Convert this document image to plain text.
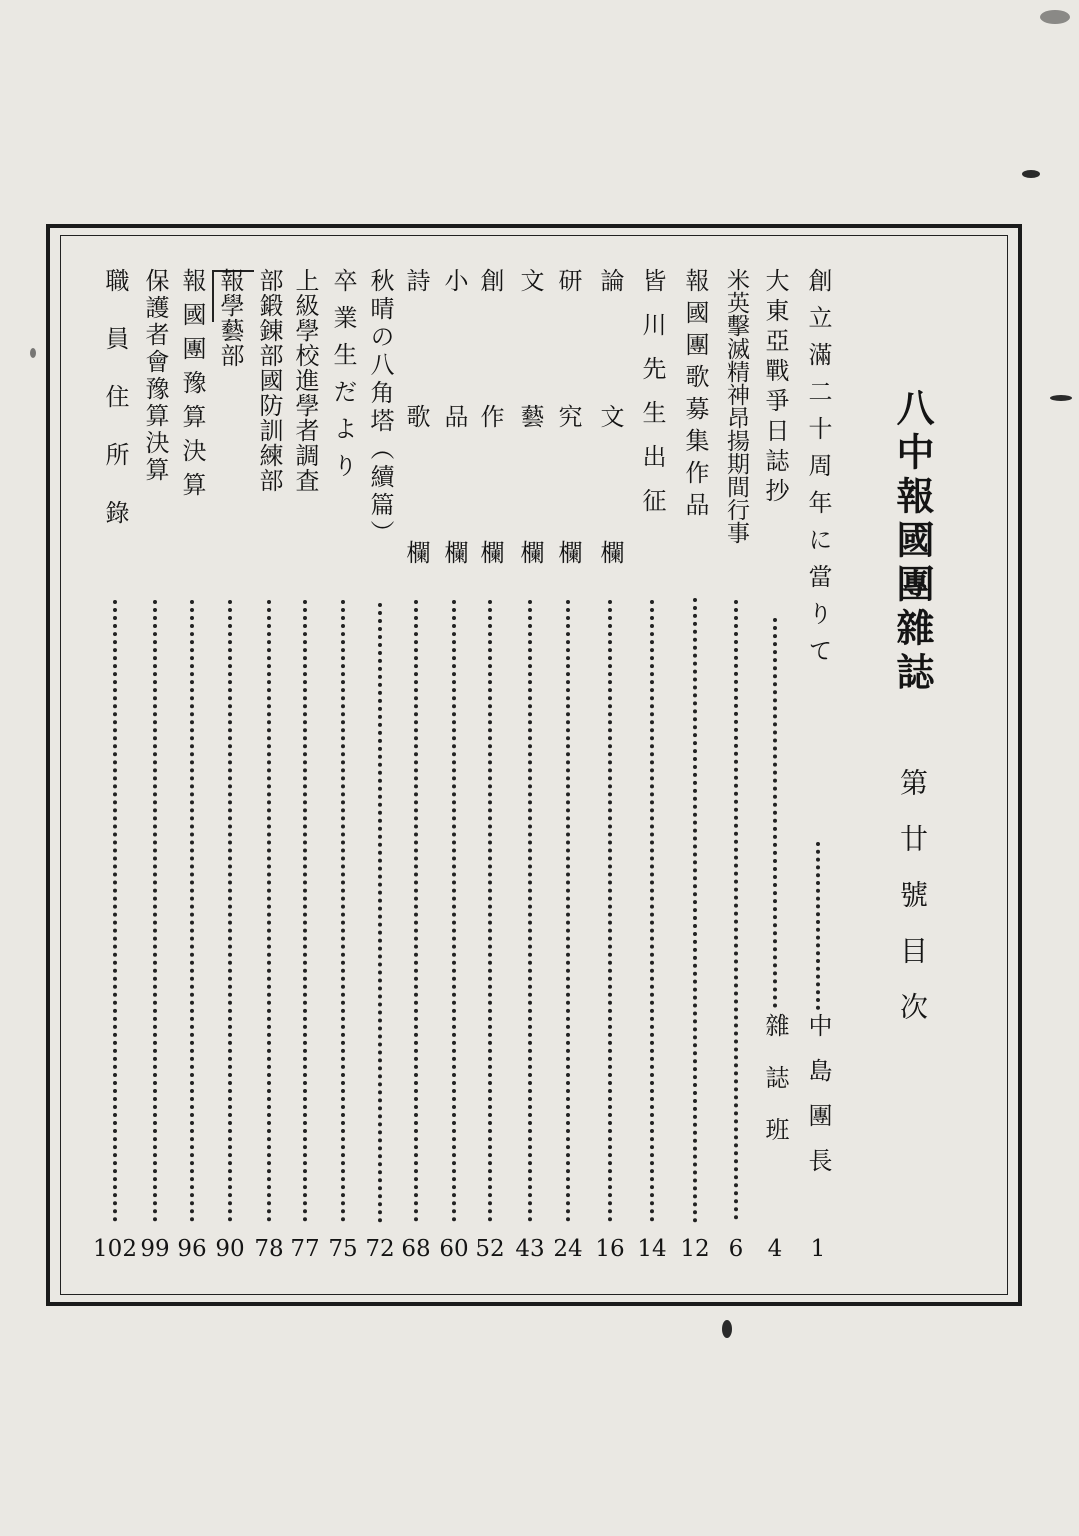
八中報國團雜誌
第廿號目次
創立滿二十周年に當りて
中島團長
1
大東亞戰爭日誌抄
雜誌班
4
米英擊滅精神昂揚期間行事
6
報國團歌募集作品
12
皆川先生出征
14
論文欄
16
研究欄
24
文藝欄
43
創作欄
52
小品欄
60
詩歌欄
68
秋晴の八角塔（續篇）
72
卒業生だより
75
上級學校進學者調査
77
部鍛錬部國防訓練部
78
報學藝部
90
報國團豫算決算
96
保護者會豫算決算
99
職員住所錄
102
